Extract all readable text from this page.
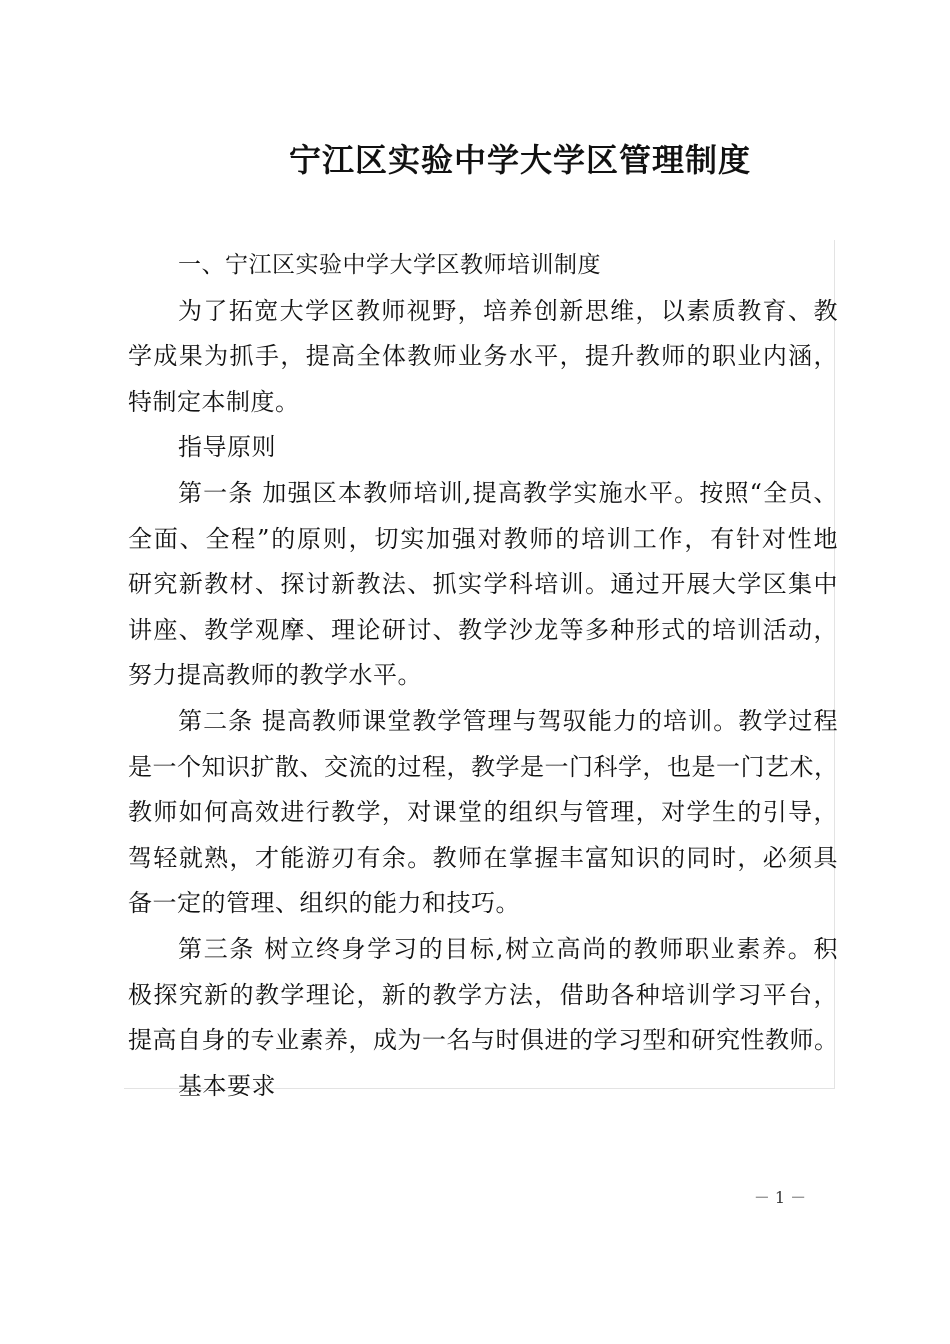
宁江区实验中学大学区管理制度
一、宁江区实验中学大学区教师培训制度
为了拓宽大学区教师视野，培养创新思维，以素质教育、教
学成果为抓手，提高全体教师业务水平，提升教师的职业内涵，
特制定本制度。
指导原则
第一条 加强区本教师培训,提高教学实施水平。按照“全员、
全面、全程”的原则，切实加强对教师的培训工作，有针对性地
研究新教材、探讨新教法、抓实学科培训。通过开展大学区集中
讲座、教学观摩、理论研讨、教学沙龙等多种形式的培训活动，
努力提高教师的教学水平。
第二条 提高教师课堂教学管理与驾驭能力的培训。教学过程
是一个知识扩散、交流的过程，教学是一门科学，也是一门艺术，
教师如何高效进行教学，对课堂的组织与管理，对学生的引导，
驾轻就熟，才能游刃有余。教师在掌握丰富知识的同时，必须具
备一定的管理、组织的能力和技巧。
第三条 树立终身学习的目标,树立高尚的教师职业素养。积
极探究新的教学理论，新的教学方法，借助各种培训学习平台，
提高自身的专业素养，成为一名与时俱进的学习型和研究性教师。
基本要求
－ 1 －
